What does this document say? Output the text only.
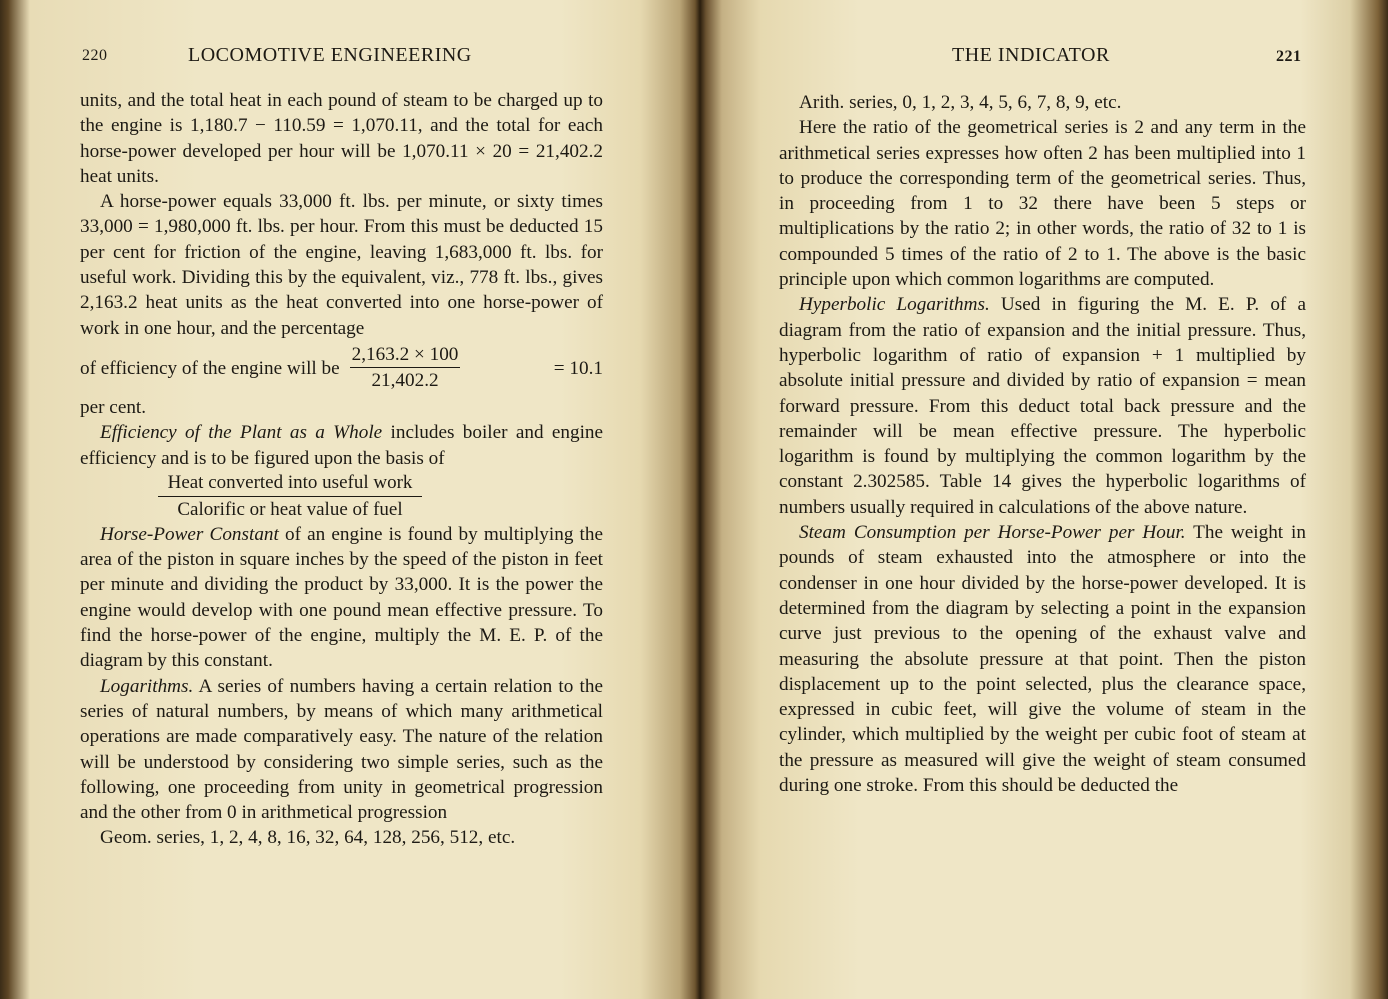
220	LOCOMOTIVE ENGINEERING

units, and the total heat in each pound of steam to be charged up to the engine is 1,180.7 − 110.59 = 1,070.11, and the total for each horse-power developed per hour will be 1,070.11 × 20 = 21,402.2 heat units.

A horse-power equals 33,000 ft. lbs. per minute, or sixty times 33,000 = 1,980,000 ft. lbs. per hour. From this must be deducted 15 per cent for friction of the engine, leaving 1,683,000 ft. lbs. for useful work. Dividing this by the equivalent, viz., 778 ft. lbs., gives 2,163.2 heat units as the heat converted into one horse-power of work in one hour, and the percentage

of efficiency of the engine will be $\frac{2,163.2 \times 100}{21,402.2}$	= 10.1

per cent.

Efficiency of the Plant as a Whole includes boiler and engine efficiency and is to be figured upon the basis of

Heat converted into useful work
Calorific or heat value of fuel

Horse-Power Constant of an engine is found by multiplying the area of the piston in square inches by the speed of the piston in feet per minute and dividing the product by 33,000. It is the power the engine would develop with one pound mean effective pressure. To find the horse-power of the engine, multiply the M. E. P. of the diagram by this constant.

Logarithms. A series of numbers having a certain relation to the series of natural numbers, by means of which many arithmetical operations are made comparatively easy. The nature of the relation will be understood by considering two simple series, such as the following, one proceeding from unity in geometrical progression and the other from 0 in arithmetical progression

Geom. series, 1, 2, 4, 8, 16, 32, 64, 128, 256, 512, etc.

THE INDICATOR	221

Arith. series, 0, 1, 2, 3, 4, 5, 6, 7, 8, 9, etc.

Here the ratio of the geometrical series is 2 and any term in the arithmetical series expresses how often 2 has been multiplied into 1 to produce the corresponding term of the geometrical series. Thus, in proceeding from 1 to 32 there have been 5 steps or multiplications by the ratio 2; in other words, the ratio of 32 to 1 is compounded 5 times of the ratio of 2 to 1. The above is the basic principle upon which common logarithms are computed.

Hyperbolic Logarithms. Used in figuring the M. E. P. of a diagram from the ratio of expansion and the initial pressure. Thus, hyperbolic logarithm of ratio of expansion + 1 multiplied by absolute initial pressure and divided by ratio of expansion = mean forward pressure. From this deduct total back pressure and the remainder will be mean effective pressure. The hyperbolic logarithm is found by multiplying the common logarithm by the constant 2.302585. Table 14 gives the hyperbolic logarithms of numbers usually required in calculations of the above nature.

Steam Consumption per Horse-Power per Hour. The weight in pounds of steam exhausted into the atmosphere or into the condenser in one hour divided by the horse-power developed. It is determined from the diagram by selecting a point in the expansion curve just previous to the opening of the exhaust valve and measuring the absolute pressure at that point. Then the piston displacement up to the point selected, plus the clearance space, expressed in cubic feet, will give the volume of steam in the cylinder, which multiplied by the weight per cubic foot of steam at the pressure as measured will give the weight of steam consumed during one stroke. From this should be deducted the
